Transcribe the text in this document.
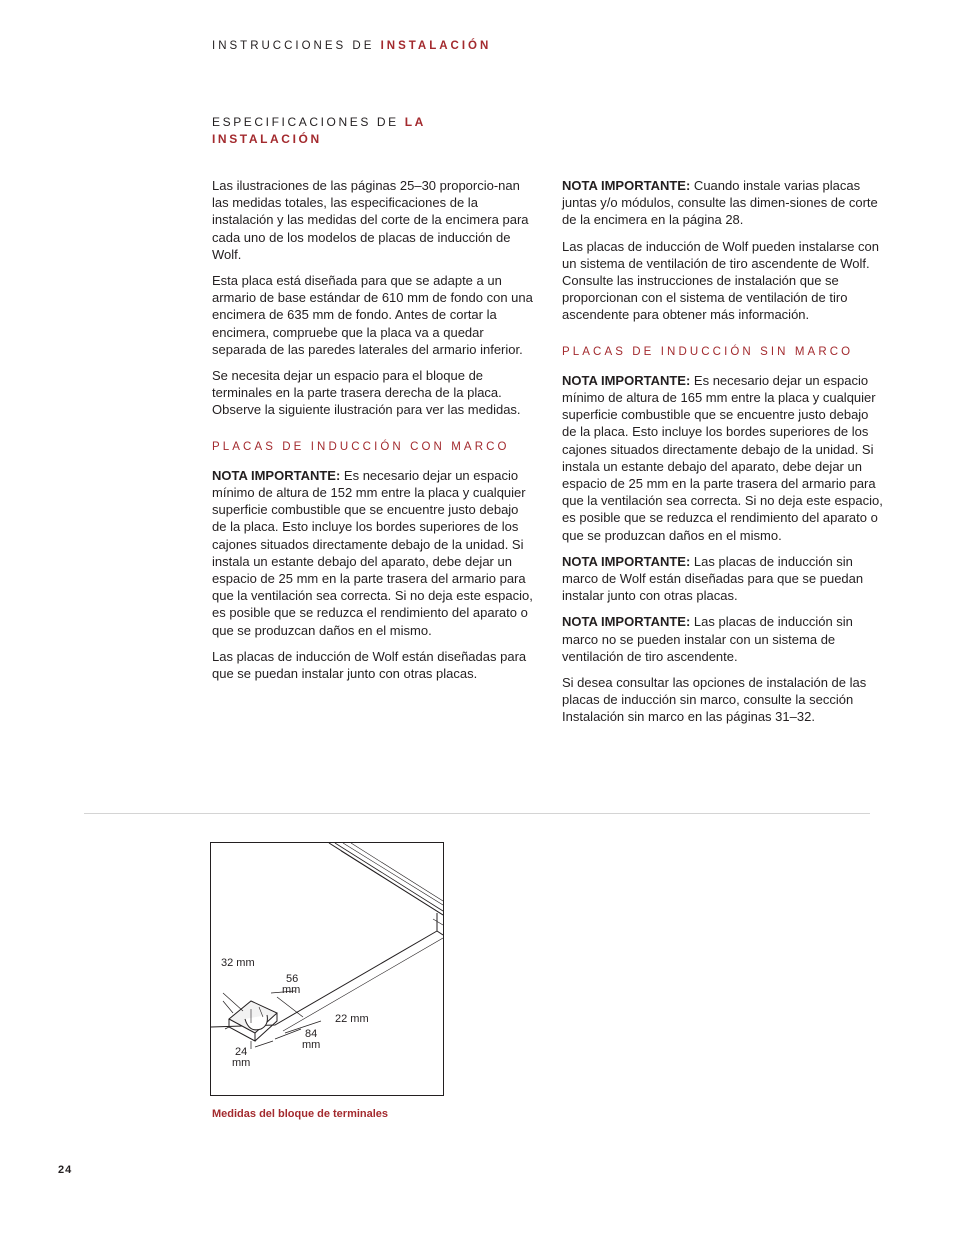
INSTRUCCIONES DE INSTALACIÓN
ESPECIFICACIONES DE LA
INSTALACIÓN

Las ilustraciones de las páginas 25–30 proporcio-nan las medidas totales, las especificaciones de la instalación y las medidas del corte de la encimera para cada uno de los modelos de placas de inducción de Wolf.

Esta placa está diseñada para que se adapte a un armario de base estándar de 610 mm de fondo con una encimera de 635 mm de fondo. Antes de cortar la encimera, compruebe que la placa va a quedar separada de las paredes laterales del armario inferior.

Se necesita dejar un espacio para el bloque de terminales en la parte trasera derecha de la placa. Observe la siguiente ilustración para ver las medidas.

PLACAS DE INDUCCIÓN CON MARCO

NOTA IMPORTANTE: Es necesario dejar un espacio mínimo de altura de 152 mm entre la placa y cualquier superficie combustible que se encuentre justo debajo de la placa. Esto incluye los bordes superiores de los cajones situados directamente debajo de la unidad. Si instala un estante debajo del aparato, debe dejar un espacio de 25 mm en la parte trasera del armario para que la ventilación sea correcta. Si no deja este espacio, es posible que se reduzca el rendimiento del aparato o que se produzcan daños en el mismo.

Las placas de inducción de Wolf están diseñadas para que se puedan instalar junto con otras placas.

NOTA IMPORTANTE: Cuando instale varias placas juntas y/o módulos, consulte las dimen-siones de corte de la encimera en la página 28.

Las placas de inducción de Wolf pueden instalarse con un sistema de ventilación de tiro ascendente de Wolf. Consulte las instrucciones de instalación que se proporcionan con el sistema de ventilación de tiro ascendente para obtener más información.

PLACAS DE INDUCCIÓN SIN MARCO

NOTA IMPORTANTE: Es necesario dejar un espacio mínimo de altura de 165 mm entre la placa y cualquier superficie combustible que se encuentre justo debajo de la placa. Esto incluye los bordes superiores de los cajones situados directamente debajo de la unidad. Si instala un estante debajo del aparato, debe dejar un espacio de 25 mm en la parte trasera del armario para que la ventilación sea correcta. Si no deja este espacio, es posible que se reduzca el rendimiento del aparato o que se produzcan daños en el mismo.

NOTA IMPORTANTE: Las placas de inducción sin marco de Wolf están diseñadas para que se puedan instalar junto con otras placas.

NOTA IMPORTANTE: Las placas de inducción sin marco no se pueden instalar con un sistema de ventilación de tiro ascendente.

Si desea consultar las opciones de instalación de las placas de inducción sin marco, consulte la sección Instalación sin marco en las páginas 31–32.

32 mm
56
mm
22 mm
84
mm
24
mm
Medidas del bloque de terminales
24
